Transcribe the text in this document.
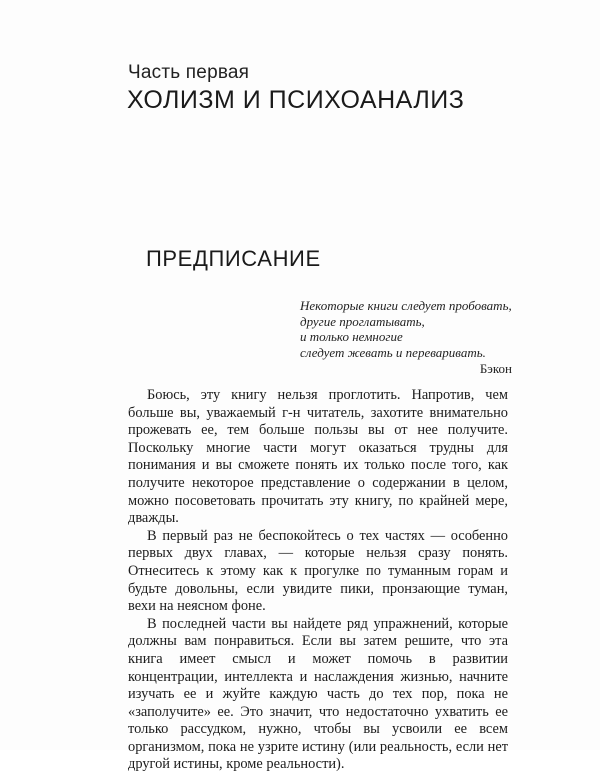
Часть первая
ХОЛИЗМ И ПСИХОАНАЛИЗ
ПРЕДПИСАНИЕ
Некоторые книги следует пробовать,
другие проглатывать,
и только немногие
следует жевать и переваривать.
Бэкон

Боюсь, эту книгу нельзя проглотить. Напротив, чем больше вы, уважаемый г-н читатель, захотите внимательно прожевать ее, тем больше пользы вы от нее получите. Поскольку многие части могут оказаться трудны для понимания и вы сможете понять их только после того, как получите некоторое представление о содержании в целом, можно посоветовать прочитать эту книгу, по крайней мере, дважды.

В первый раз не беспокойтесь о тех частях — особенно первых двух главах, — которые нельзя сразу понять. Отнеситесь к этому как к прогулке по туманным горам и будьте довольны, если увидите пики, пронзающие туман, вехи на неясном фоне.

В последней части вы найдете ряд упражнений, которые должны вам понравиться. Если вы затем решите, что эта книга имеет смысл и может помочь в развитии концентрации, интеллекта и наслаждения жизнью, начните изучать ее и жуйте каждую часть до тех пор, пока не «заполучите» ее. Это значит, что недостаточно ухватить ее только рассудком, нужно, чтобы вы усвоили ее всем организмом, пока не узрите истину (или реальность, если нет другой истины, кроме реальности).
